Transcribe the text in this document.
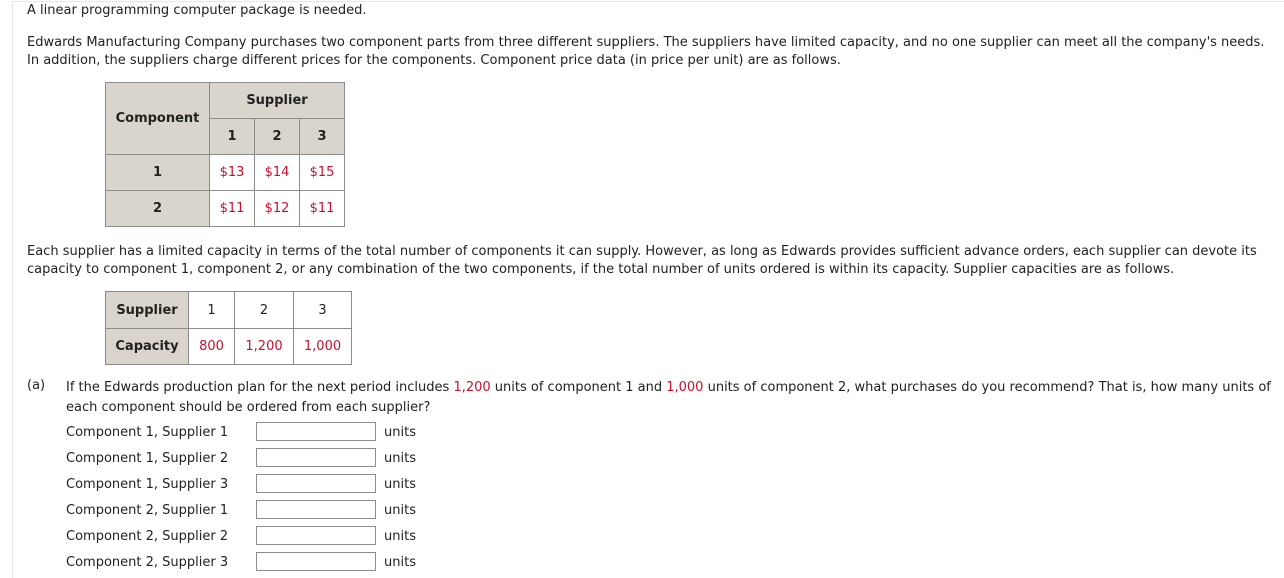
A linear programming computer package is needed.

Edwards Manufacturing Company purchases two component parts from three different suppliers. The suppliers have limited capacity, and no one supplier can meet all the company's needs. In addition, the suppliers charge different prices for the components. Component price data (in price per unit) are as follows.

Component	Supplier		
	1	2	3
1	$13	$14	$15
2	$11	$12	$11

Each supplier has a limited capacity in terms of the total number of components it can supply. However, as long as Edwards provides sufficient advance orders, each supplier can devote its capacity to component 1, component 2, or any combination of the two components, if the total number of units ordered is within its capacity. Supplier capacities are as follows.

Supplier	1	2	3
Capacity	800	1,200	1,000
(a) If the Edwards production plan for the next period includes 1,200 units of component 1 and 1,000 units of component 2, what purchases do you recommend? That is, how many units of each component should be ordered from each supplier?

Component 1, Supplier 1	units
Component 1, Supplier 2	units
Component 1, Supplier 3	units
Component 2, Supplier 1	units
Component 2, Supplier 2	units
Component 2, Supplier 3	units
